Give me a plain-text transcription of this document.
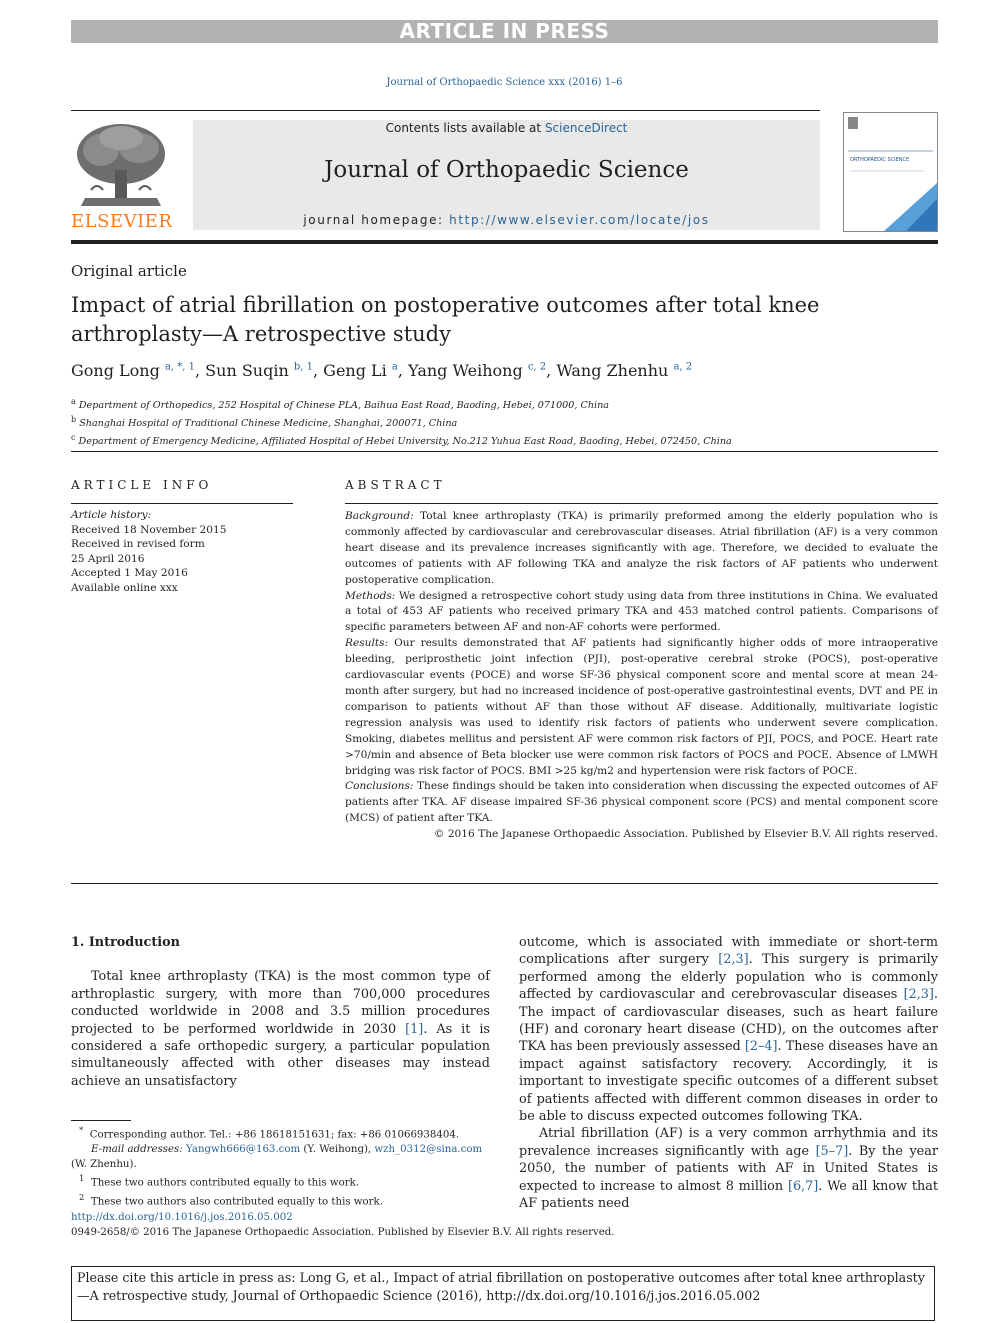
ARTICLE IN PRESS
Journal of Orthopaedic Science xxx (2016) 1–6
ELSEVIER
Contents lists available at ScienceDirect
Journal of Orthopaedic Science
journal homepage: http://www.elsevier.com/locate/jos
ORTHOPAEDIC SCIENCE
Original article
Impact of atrial fibrillation on postoperative outcomes after total knee
arthroplasty—A retrospective study
Gong Long $^{a, *, 1}$, Sun Suqin $^{b, 1}$, Geng Li $^a$, Yang Weihong $^{c, 2}$, Wang Zhenhu $^{a, 2}$
$^a$ Department of Orthopedics, 252 Hospital of Chinese PLA, Baihua East Road, Baoding, Hebei, 071000, China
$^b$ Shanghai Hospital of Traditional Chinese Medicine, Shanghai, 200071, China
$^c$ Department of Emergency Medicine, Affiliated Hospital of Hebei University, No.212 Yuhua East Road, Baoding, Hebei, 072450, China
ARTICLE INFO
Article history:
Received 18 November 2015
Received in revised form
25 April 2016
Accepted 1 May 2016
Available online xxx
ABSTRACT

Background: Total knee arthroplasty (TKA) is primarily preformed among the elderly population who is commonly affected by cardiovascular and cerebrovascular diseases. Atrial fibrillation (AF) is a very common heart disease and its prevalence increases significantly with age. Therefore, we decided to evaluate the outcomes of patients with AF following TKA and analyze the risk factors of AF patients who underwent postoperative complication.

Methods: We designed a retrospective cohort study using data from three institutions in China. We evaluated a total of 453 AF patients who received primary TKA and 453 matched control patients. Comparisons of specific parameters between AF and non-AF cohorts were performed.

Results: Our results demonstrated that AF patients had significantly higher odds of more intraoperative bleeding, periprosthetic joint infection (PJI), post-operative cerebral stroke (POCS), post-operative cardiovascular events (POCE) and worse SF-36 physical component score and mental score at mean 24-month after surgery, but had no increased incidence of post-operative gastrointestinal events, DVT and PE in comparison to patients without AF than those without AF disease. Additionally, multivariate logistic regression analysis was used to identify risk factors of patients who underwent severe complication. Smoking, diabetes mellitus and persistent AF were common risk factors of PJI, POCS, and POCE. Heart rate >70/min and absence of Beta blocker use were common risk factors of POCS and POCE. Absence of LMWH bridging was risk factor of POCS. BMI >25 kg/m2 and hypertension were risk factors of POCE.

Conclusions: These findings should be taken into consideration when discussing the expected outcomes of AF patients after TKA. AF disease impaired SF-36 physical component score (PCS) and mental component score (MCS) of patient after TKA.

© 2016 The Japanese Orthopaedic Association. Published by Elsevier B.V. All rights reserved.

1. Introduction

Total knee arthroplasty (TKA) is the most common type of arthroplastic surgery, with more than 700,000 procedures conducted worldwide in 2008 and 3.5 million procedures projected to be performed worldwide in 2030 [1]. As it is considered a safe orthopedic surgery, a particular population simultaneously affected with other diseases may instead achieve an unsatisfactory

outcome, which is associated with immediate or short-term complications after surgery [2,3]. This surgery is primarily performed among the elderly population who is commonly affected by cardiovascular and cerebrovascular diseases [2,3]. The impact of cardiovascular diseases, such as heart failure (HF) and coronary heart disease (CHD), on the outcomes after TKA has been previously assessed [2–4]. These diseases have an impact against satisfactory recovery. Accordingly, it is important to investigate specific outcomes of a different subset of patients affected with different common diseases in order to be able to discuss expected outcomes following TKA.

Atrial fibrillation (AF) is a very common arrhythmia and its prevalence increases significantly with age [5–7]. By the year 2050, the number of patients with AF in United States is expected to increase to almost 8 million [6,7]. We all know that AF patients need

* Corresponding author. Tel.: +86 18618151631; fax: +86 01066938404.
E-mail addresses: Yangwh666@163.com (Y. Weihong), wzh_0312@sina.com
(W. Zhenhu).
$^1$ These two authors contributed equally to this work.
$^2$ These two authors also contributed equally to this work.
http://dx.doi.org/10.1016/j.jos.2016.05.002
0949-2658/© 2016 The Japanese Orthopaedic Association. Published by Elsevier B.V. All rights reserved.
Please cite this article in press as: Long G, et al., Impact of atrial fibrillation on postoperative outcomes after total knee arthroplasty—A retrospective study, Journal of Orthopaedic Science (2016), http://dx.doi.org/10.1016/j.jos.2016.05.002
